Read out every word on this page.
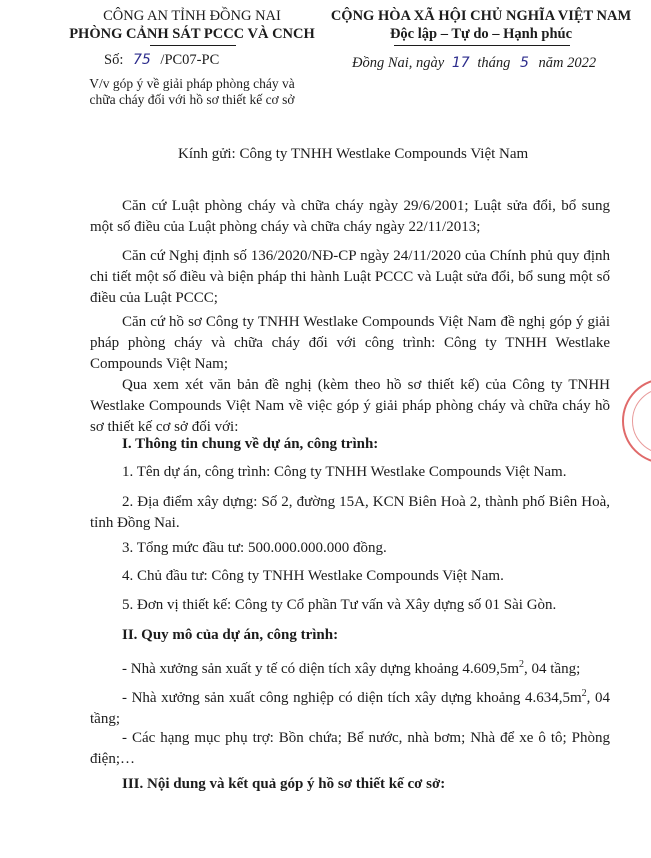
CÔNG AN TỈNH ĐỒNG NAI
PHÒNG CẢNH SÁT PCCC VÀ CNCH
Số: 75 /PC07-PC
V/v góp ý về giải pháp phòng cháy và
chữa cháy đối với hồ sơ thiết kế cơ sở
CỘNG HÒA XÃ HỘI CHỦ NGHĨA VIỆT NAM
Độc lập – Tự do – Hạnh phúc
Đồng Nai, ngày 17 tháng 5 năm 2022
Kính gửi: Công ty TNHH Westlake Compounds Việt Nam
Căn cứ Luật phòng cháy và chữa cháy ngày 29/6/2001; Luật sửa đổi, bổ sung một số điều của Luật phòng cháy và chữa cháy ngày 22/11/2013;
Căn cứ Nghị định số 136/2020/NĐ-CP ngày 24/11/2020 của Chính phủ quy định chi tiết một số điều và biện pháp thi hành Luật PCCC và Luật sửa đổi, bổ sung một số điều của Luật PCCC;
Căn cứ hồ sơ Công ty TNHH Westlake Compounds Việt Nam đề nghị góp ý giải pháp phòng cháy và chữa cháy đối với công trình: Công ty TNHH Westlake Compounds Việt Nam;
Qua xem xét văn bản đề nghị (kèm theo hồ sơ thiết kế) của Công ty TNHH Westlake Compounds Việt Nam về việc góp ý giải pháp phòng cháy và chữa cháy hồ sơ thiết kế cơ sở đối với:
I. Thông tin chung về dự án, công trình:
1. Tên dự án, công trình: Công ty TNHH Westlake Compounds Việt Nam.
2. Địa điểm xây dựng: Số 2, đường 15A, KCN Biên Hoà 2, thành phố Biên Hoà, tỉnh Đồng Nai.
3. Tổng mức đầu tư: 500.000.000.000 đồng.
4. Chủ đầu tư: Công ty TNHH Westlake Compounds Việt Nam.
5. Đơn vị thiết kế: Công ty Cổ phần Tư vấn và Xây dựng số 01 Sài Gòn.
II. Quy mô của dự án, công trình:
- Nhà xưởng sản xuất y tế có diện tích xây dựng khoảng $4.609,5m^2$, 04 tầng;
- Nhà xưởng sản xuất công nghiệp có diện tích xây dựng khoảng $4.634,5m^2$, 04 tầng;
- Các hạng mục phụ trợ: Bồn chứa; Bể nước, nhà bơm; Nhà để xe ô tô; Phòng điện;…
III. Nội dung và kết quả góp ý hồ sơ thiết kế cơ sở:
